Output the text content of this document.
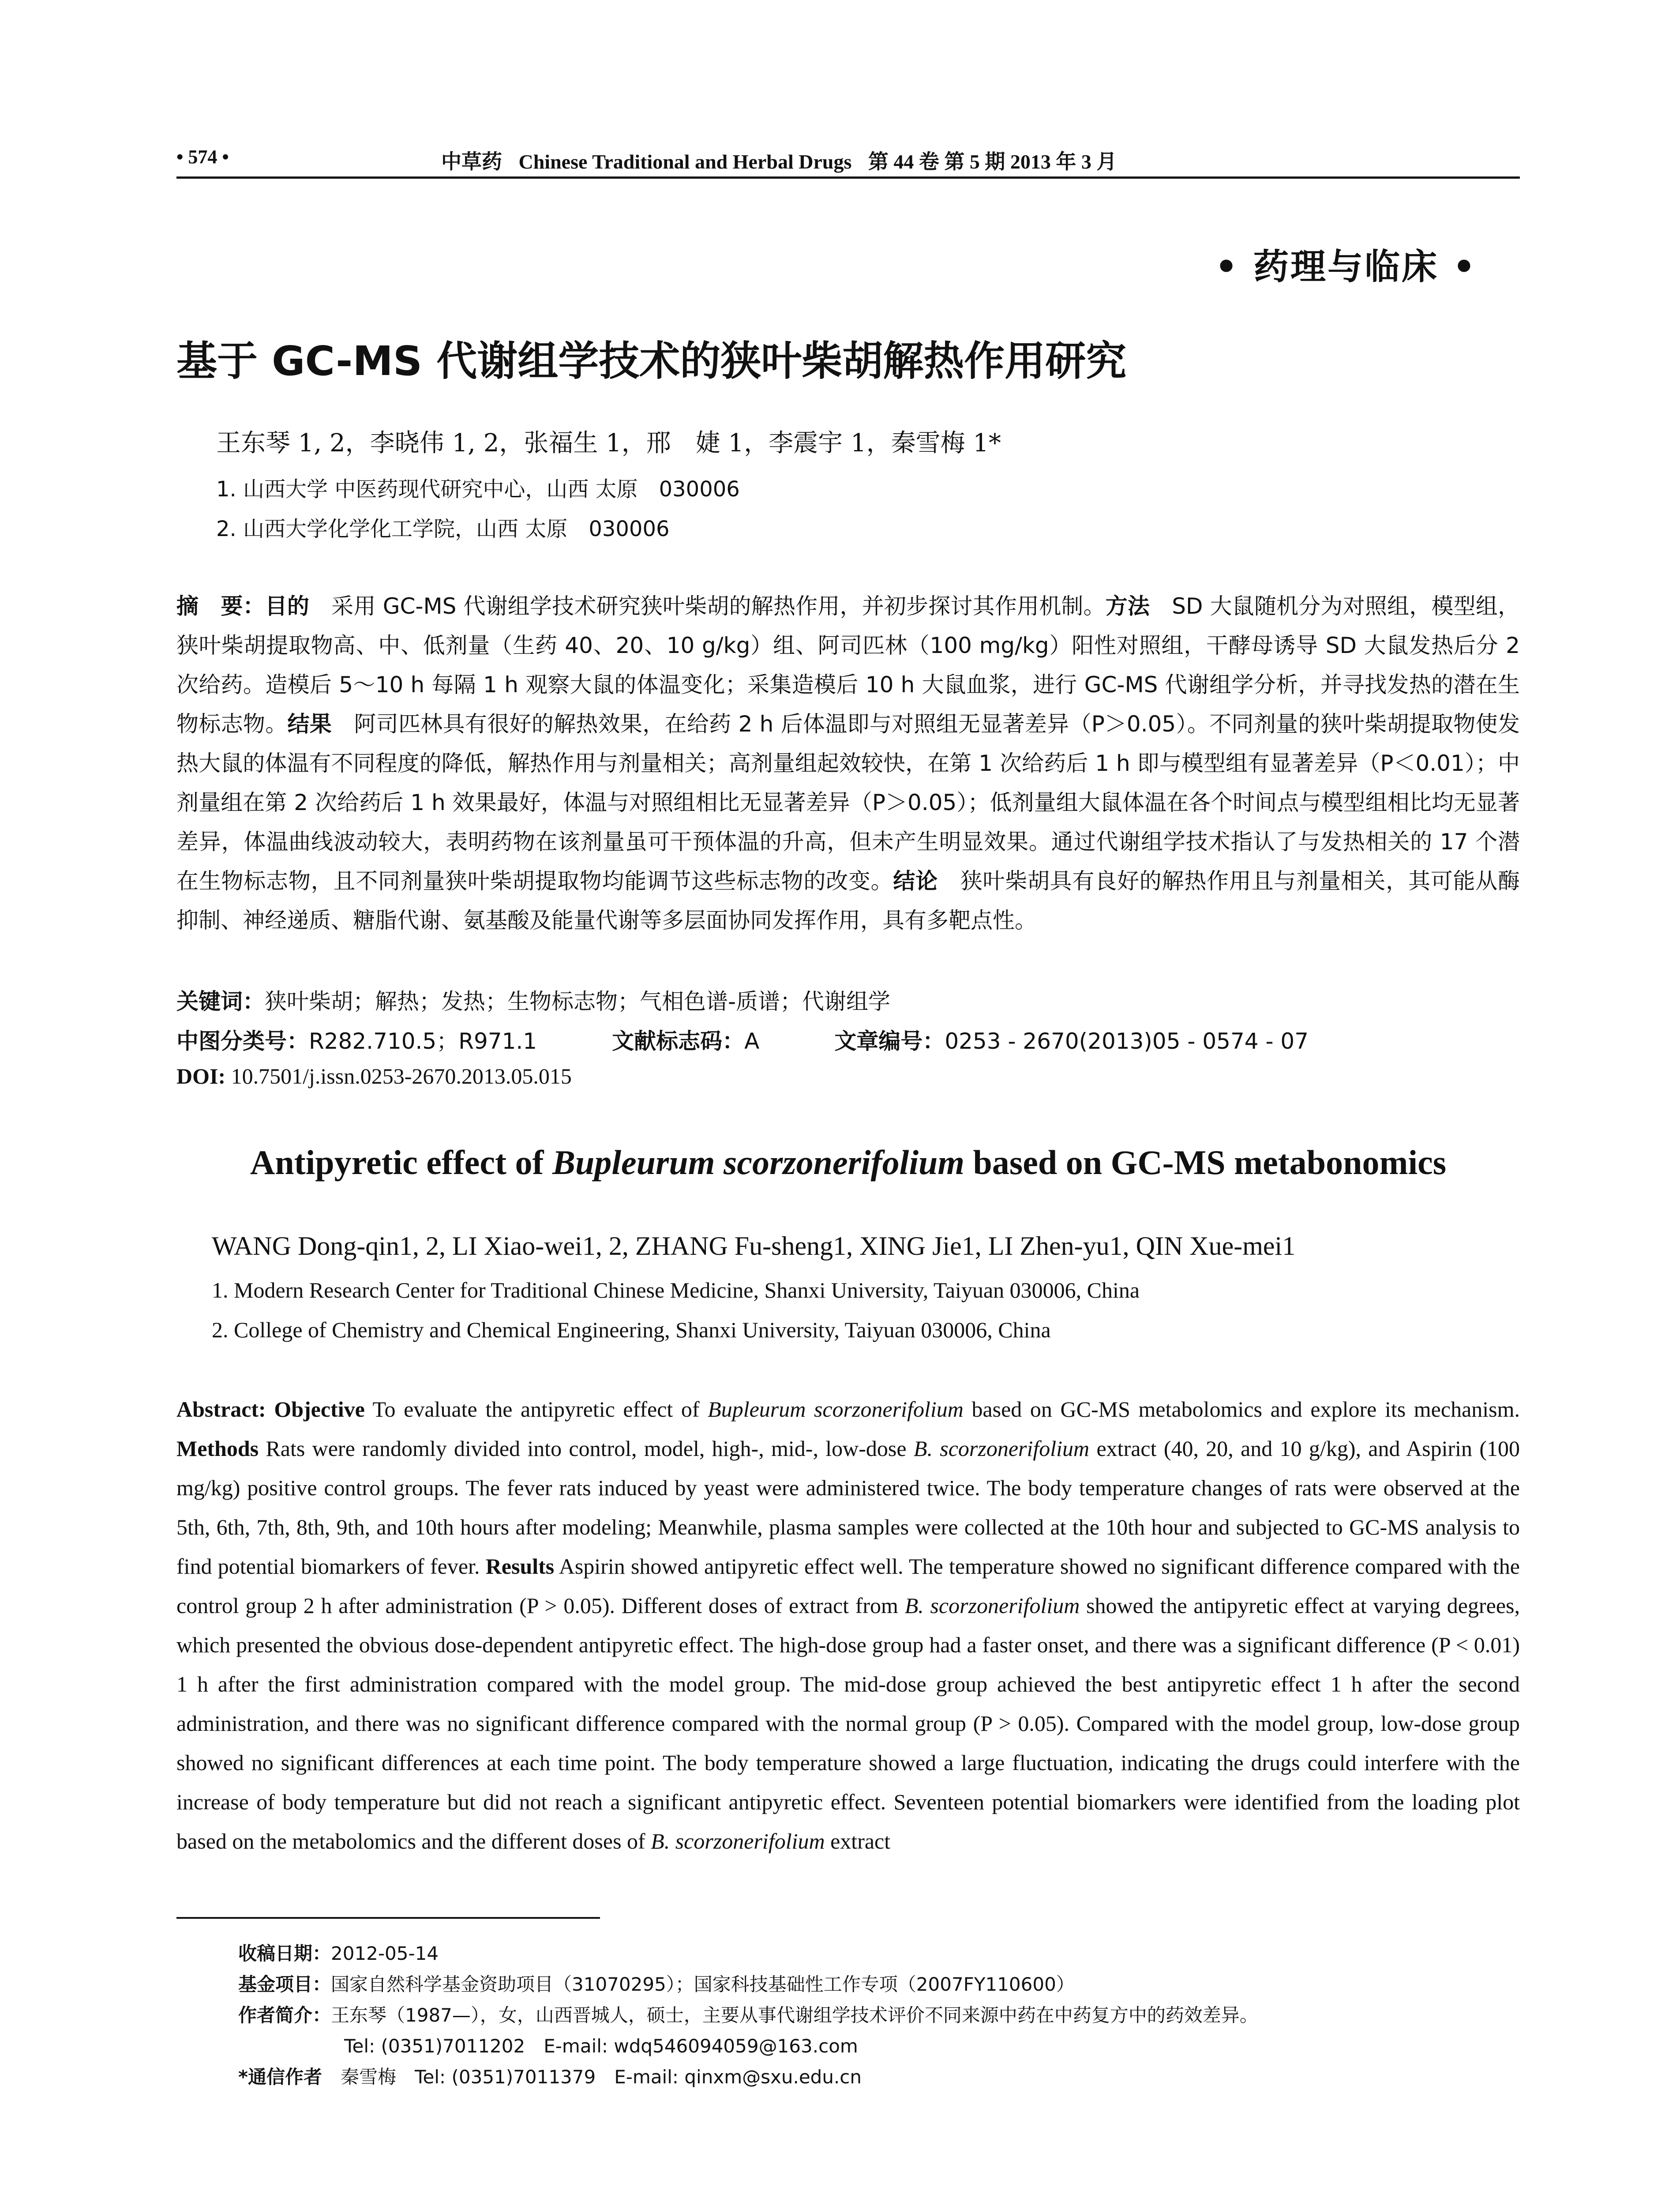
• 574 •	中草药 Chinese Traditional and Herbal Drugs 第 44 卷 第 5 期 2013 年 3 月
• 药理与临床 •
基于 GC-MS 代谢组学技术的狭叶柴胡解热作用研究
王东琴 1, 2，李晓伟 1, 2，张福生 1，邢　婕 1，李震宇 1，秦雪梅 1*
1. 山西大学 中医药现代研究中心，山西 太原　030006
2. 山西大学化学化工学院，山西 太原　030006
摘　要：目的　采用 GC-MS 代谢组学技术研究狭叶柴胡的解热作用，并初步探讨其作用机制。方法　SD 大鼠随机分为对照组，模型组，狭叶柴胡提取物高、中、低剂量（生药 40、20、10 g/kg）组、阿司匹林（100 mg/kg）阳性对照组，干酵母诱导 SD 大鼠发热后分 2 次给药。造模后 5～10 h 每隔 1 h 观察大鼠的体温变化；采集造模后 10 h 大鼠血浆，进行 GC-MS 代谢组学分析，并寻找发热的潜在生物标志物。结果　阿司匹林具有很好的解热效果，在给药 2 h 后体温即与对照组无显著差异（P＞0.05）。不同剂量的狭叶柴胡提取物使发热大鼠的体温有不同程度的降低，解热作用与剂量相关；高剂量组起效较快，在第 1 次给药后 1 h 即与模型组有显著差异（P＜0.01）；中剂量组在第 2 次给药后 1 h 效果最好，体温与对照组相比无显著差异（P＞0.05）；低剂量组大鼠体温在各个时间点与模型组相比均无显著差异，体温曲线波动较大，表明药物在该剂量虽可干预体温的升高，但未产生明显效果。通过代谢组学技术指认了与发热相关的 17 个潜在生物标志物，且不同剂量狭叶柴胡提取物均能调节这些标志物的改变。结论　狭叶柴胡具有良好的解热作用且与剂量相关，其可能从酶抑制、神经递质、糖脂代谢、氨基酸及能量代谢等多层面协同发挥作用，具有多靶点性。
关键词：狭叶柴胡；解热；发热；生物标志物；气相色谱-质谱；代谢组学
中图分类号：R282.710.5；R971.1	文献标志码：A	文章编号：0253 - 2670(2013)05 - 0574 - 07
DOI: 10.7501/j.issn.0253-2670.2013.05.015
Antipyretic effect of Bupleurum scorzonerifolium based on GC-MS metabonomics
WANG Dong-qin1, 2, LI Xiao-wei1, 2, ZHANG Fu-sheng1, XING Jie1, LI Zhen-yu1, QIN Xue-mei1
1. Modern Research Center for Traditional Chinese Medicine, Shanxi University, Taiyuan 030006, China
2. College of Chemistry and Chemical Engineering, Shanxi University, Taiyuan 030006, China
Abstract: Objective To evaluate the antipyretic effect of Bupleurum scorzonerifolium based on GC-MS metabolomics and explore its mechanism. Methods Rats were randomly divided into control, model, high-, mid-, low-dose B. scorzonerifolium extract (40, 20, and 10 g/kg), and Aspirin (100 mg/kg) positive control groups. The fever rats induced by yeast were administered twice. The body temperature changes of rats were observed at the 5th, 6th, 7th, 8th, 9th, and 10th hours after modeling; Meanwhile, plasma samples were collected at the 10th hour and subjected to GC-MS analysis to find potential biomarkers of fever. Results Aspirin showed antipyretic effect well. The temperature showed no significant difference compared with the control group 2 h after administration (P > 0.05). Different doses of extract from B. scorzonerifolium showed the antipyretic effect at varying degrees, which presented the obvious dose-dependent antipyretic effect. The high-dose group had a faster onset, and there was a significant difference (P < 0.01) 1 h after the first administration compared with the model group. The mid-dose group achieved the best antipyretic effect 1 h after the second administration, and there was no significant difference compared with the normal group (P > 0.05). Compared with the model group, low-dose group showed no significant differences at each time point. The body temperature showed a large fluctuation, indicating the drugs could interfere with the increase of body temperature but did not reach a significant antipyretic effect. Seventeen potential biomarkers were identified from the loading plot based on the metabolomics and the different doses of B. scorzonerifolium extract
收稿日期：2012-05-14
基金项目：国家自然科学基金资助项目（31070295）；国家科技基础性工作专项（2007FY110600）
作者简介：王东琴（1987—），女，山西晋城人，硕士，主要从事代谢组学技术评价不同来源中药在中药复方中的药效差异。
Tel: (0351)7011202　E-mail: wdq546094059@163.com
*通信作者　秦雪梅　Tel: (0351)7011379　E-mail: qinxm@sxu.edu.cn
